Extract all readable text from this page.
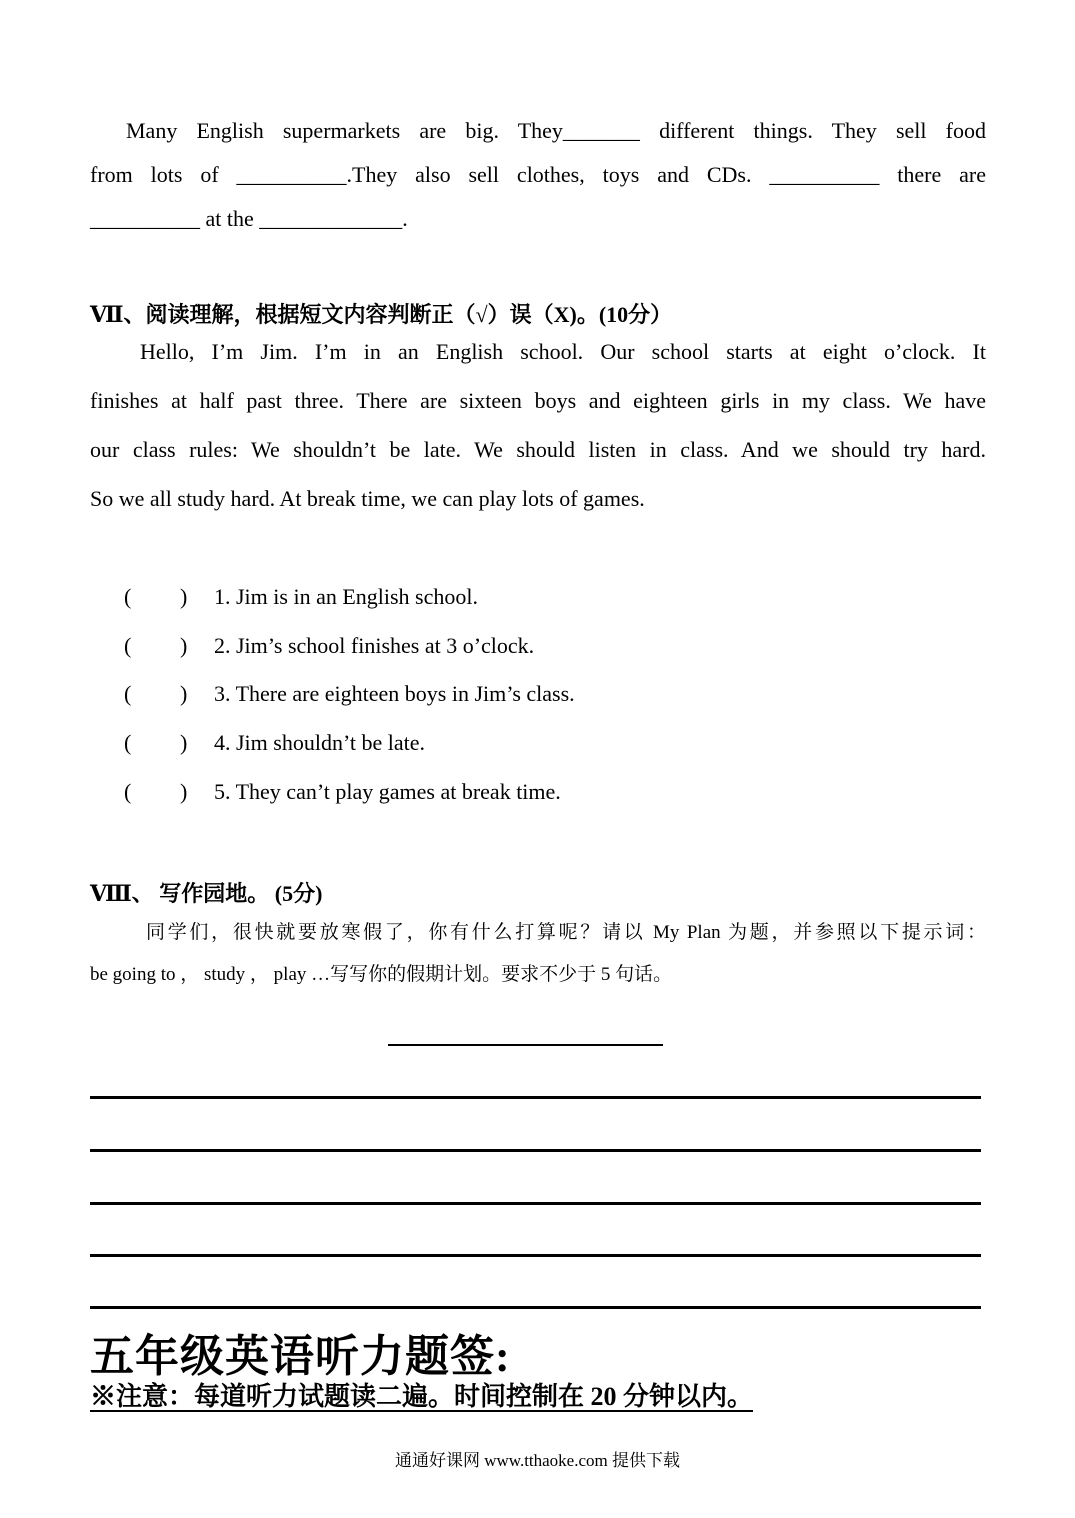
Many English supermarkets are big. They_______ different things. They sell food
from lots of __________.They also sell clothes, toys and CDs. __________ there are
__________ at the _____________.
Ⅶ、阅读理解，根据短文内容判断正（√）误（X)。(10分）
Hello, I’m Jim. I’m in an English school. Our school starts at eight o’clock. It
finishes at half past three. There are sixteen boys and eighteen girls in my class. We have
our class rules: We shouldn’t be late. We should listen in class. And we should try hard.
So we all study hard. At break time, we can play lots of games.
( ) 1. Jim is in an English school.
( ) 2. Jim’s school finishes at 3 o’clock.
( ) 3. There are eighteen boys in Jim’s class.
( ) 4. Jim shouldn’t be late.
( ) 5. They can’t play games at break time.
Ⅷ、 写作园地。 (5分)
同学们，很快就要放寒假了，你有什么打算呢？请以 My Plan 为题，并参照以下提示词：
be going to ， study ， play …写写你的假期计划。要求不少于 5 句话。
五年级英语听力题签:
※注意：每道听力试题读二遍。时间控制在 20 分钟以内。
通通好课网 www.tthaoke.com 提供下载
